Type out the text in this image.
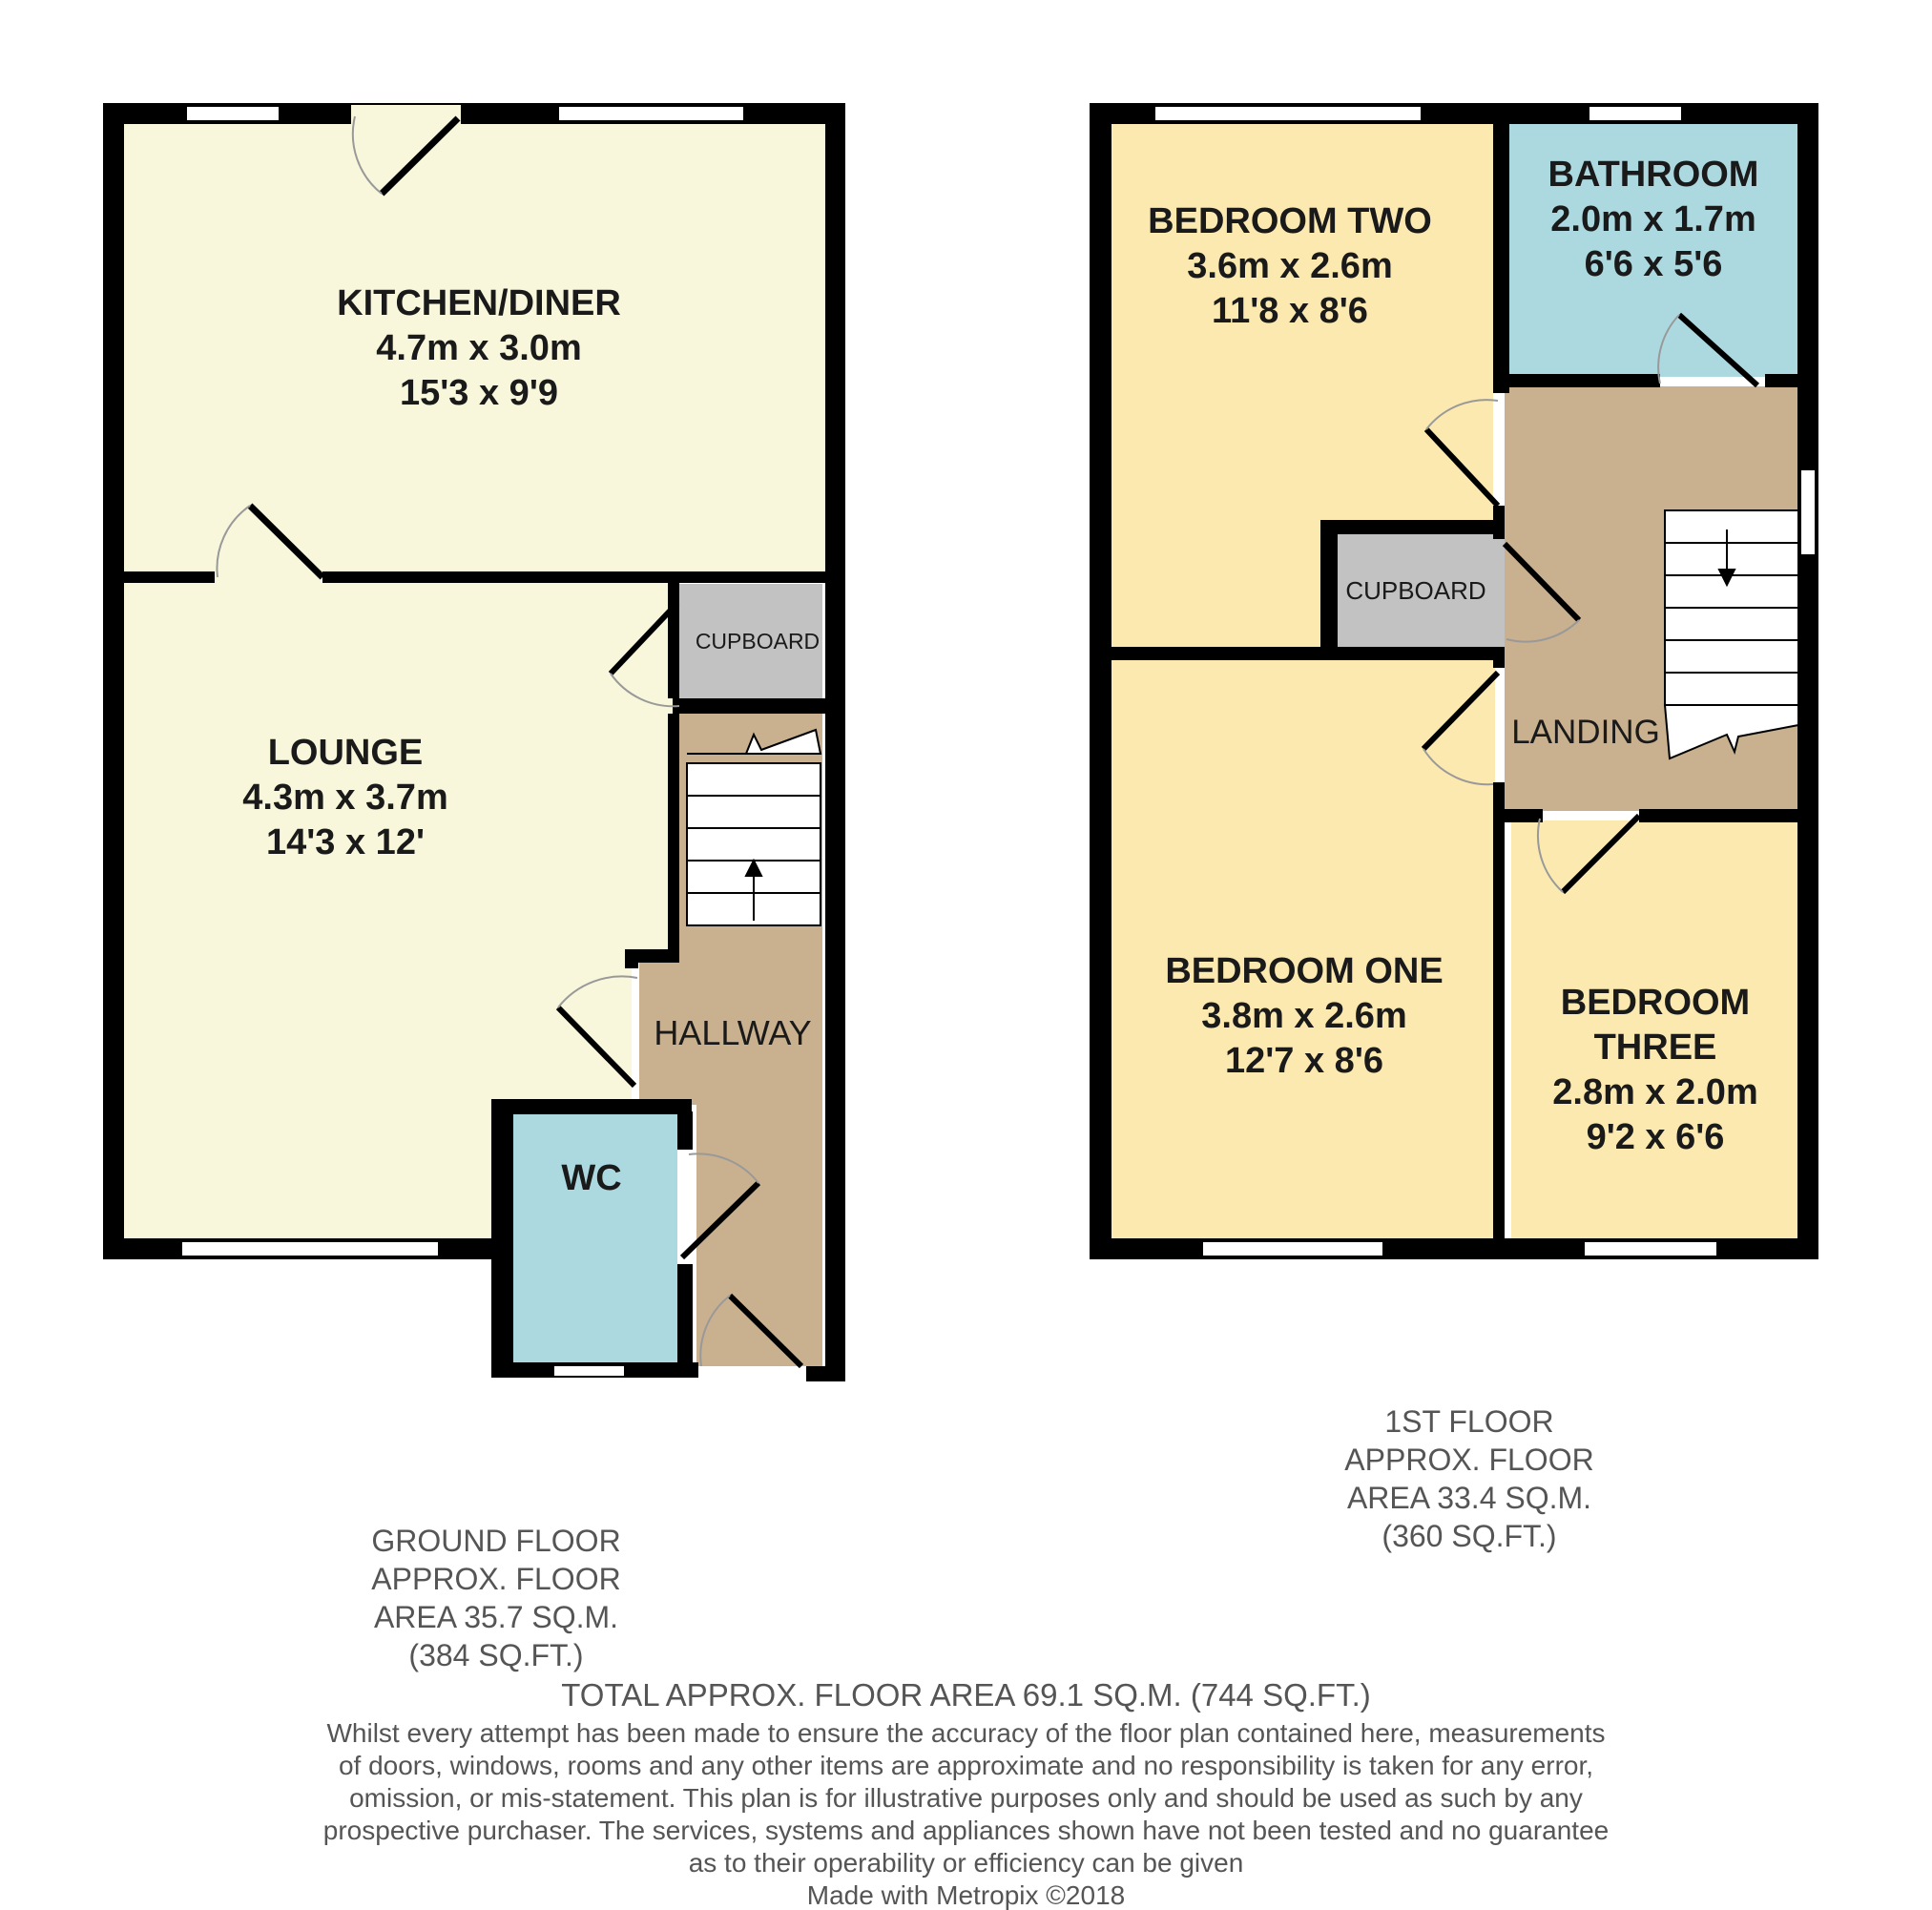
KITCHEN/DINER
4.7m x 3.0m
15'3 x 9'9
LOUNGE
4.3m x 3.7m
14'3 x 12'
CUPBOARD
HALLWAY
WC
BEDROOM TWO
3.6m x 2.6m
11'8 x 8'6
BATHROOM
2.0m x 1.7m
6'6 x 5'6
CUPBOARD
LANDING
BEDROOM ONE
3.8m x 2.6m
12'7 x 8'6
BEDROOM
THREE
2.8m x 2.0m
9'2 x 6'6
GROUND FLOOR
APPROX. FLOOR
AREA 35.7 SQ.M.
(384 SQ.FT.)
1ST FLOOR
APPROX. FLOOR
AREA 33.4 SQ.M.
(360 SQ.FT.)
TOTAL APPROX. FLOOR AREA 69.1 SQ.M. (744 SQ.FT.)
Whilst every attempt has been made to ensure the accuracy of the floor plan contained here, measurements
of doors, windows, rooms and any other items are approximate and no responsibility is taken for any error,
omission, or mis-statement. This plan is for illustrative purposes only and should be used as such by any
prospective purchaser. The services, systems and appliances shown have not been tested and no guarantee
as to their operability or efficiency can be given
Made with Metropix ©2018
